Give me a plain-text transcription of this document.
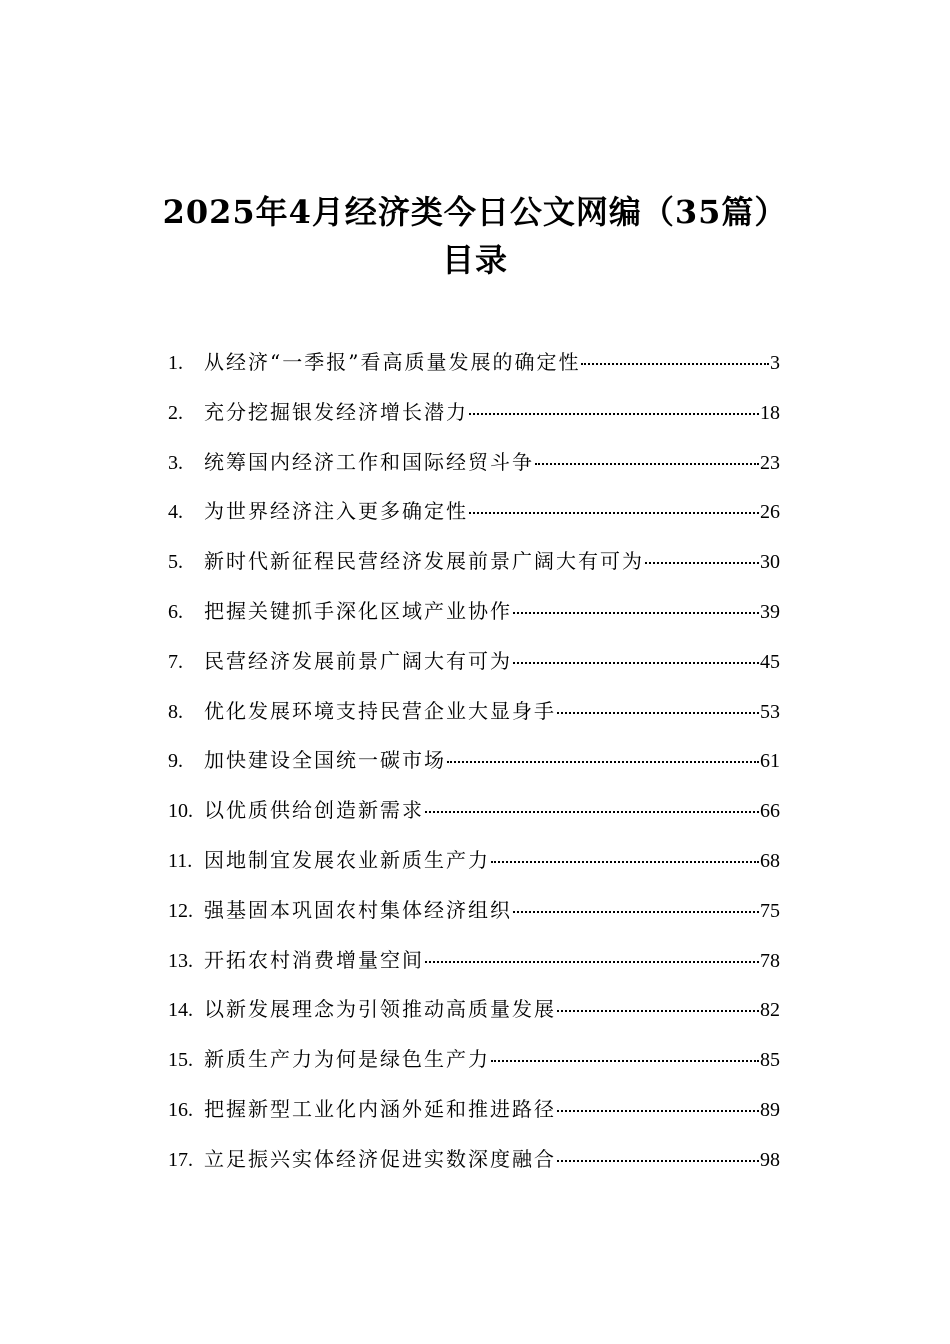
2025年4月经济类今日公文网编（35篇）
目录
1.	从经济“一季报”看高质量发展的确定性	3
2.	充分挖掘银发经济增长潜力	18
3.	统筹国内经济工作和国际经贸斗争	23
4.	为世界经济注入更多确定性	26
5.	新时代新征程民营经济发展前景广阔大有可为	30
6.	把握关键抓手深化区域产业协作	39
7.	民营经济发展前景广阔大有可为	45
8.	优化发展环境支持民营企业大显身手	53
9.	加快建设全国统一碳市场	61
10. 以优质供给创造新需求	66
11. 因地制宜发展农业新质生产力	68
12. 强基固本巩固农村集体经济组织	75
13. 开拓农村消费增量空间	78
14. 以新发展理念为引领推动高质量发展	82
15. 新质生产力为何是绿色生产力	85
16. 把握新型工业化内涵外延和推进路径	89
17. 立足振兴实体经济促进实数深度融合	98
